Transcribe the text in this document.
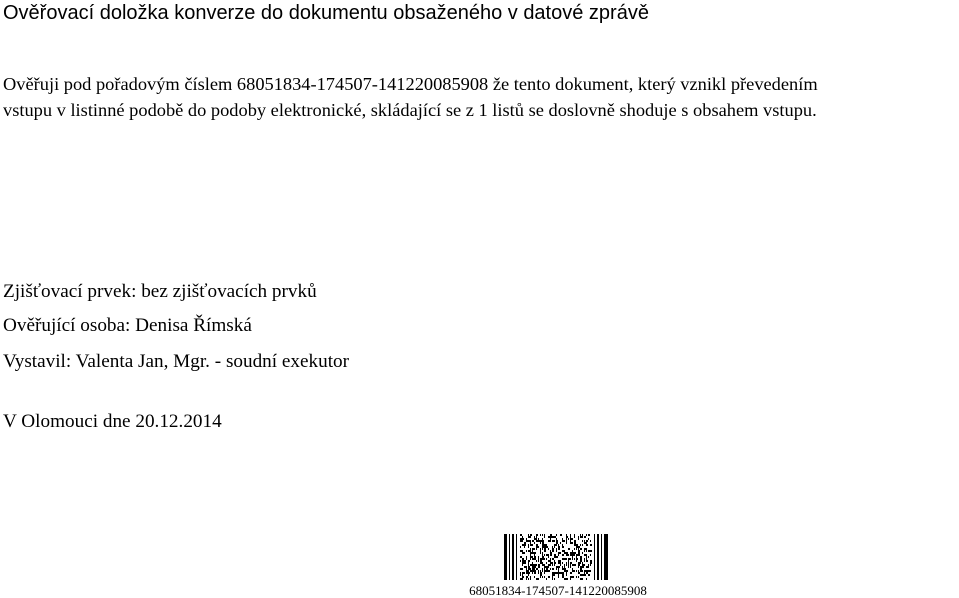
Ověřovací doložka konverze do dokumentu obsaženého v datové zprávě
Ověřuji pod pořadovým číslem 68051834-174507-141220085908 že tento dokument, který vznikl převedením
vstupu v listinné podobě do podoby elektronické, skládající se z 1 listů se doslovně shoduje s obsahem vstupu.
Zjišťovací prvek: bez zjišťovacích prvků
Ověřující osoba: Denisa Římská
Vystavil: Valenta Jan, Mgr. - soudní exekutor
V Olomouci dne 20.12.2014
68051834-174507-141220085908
